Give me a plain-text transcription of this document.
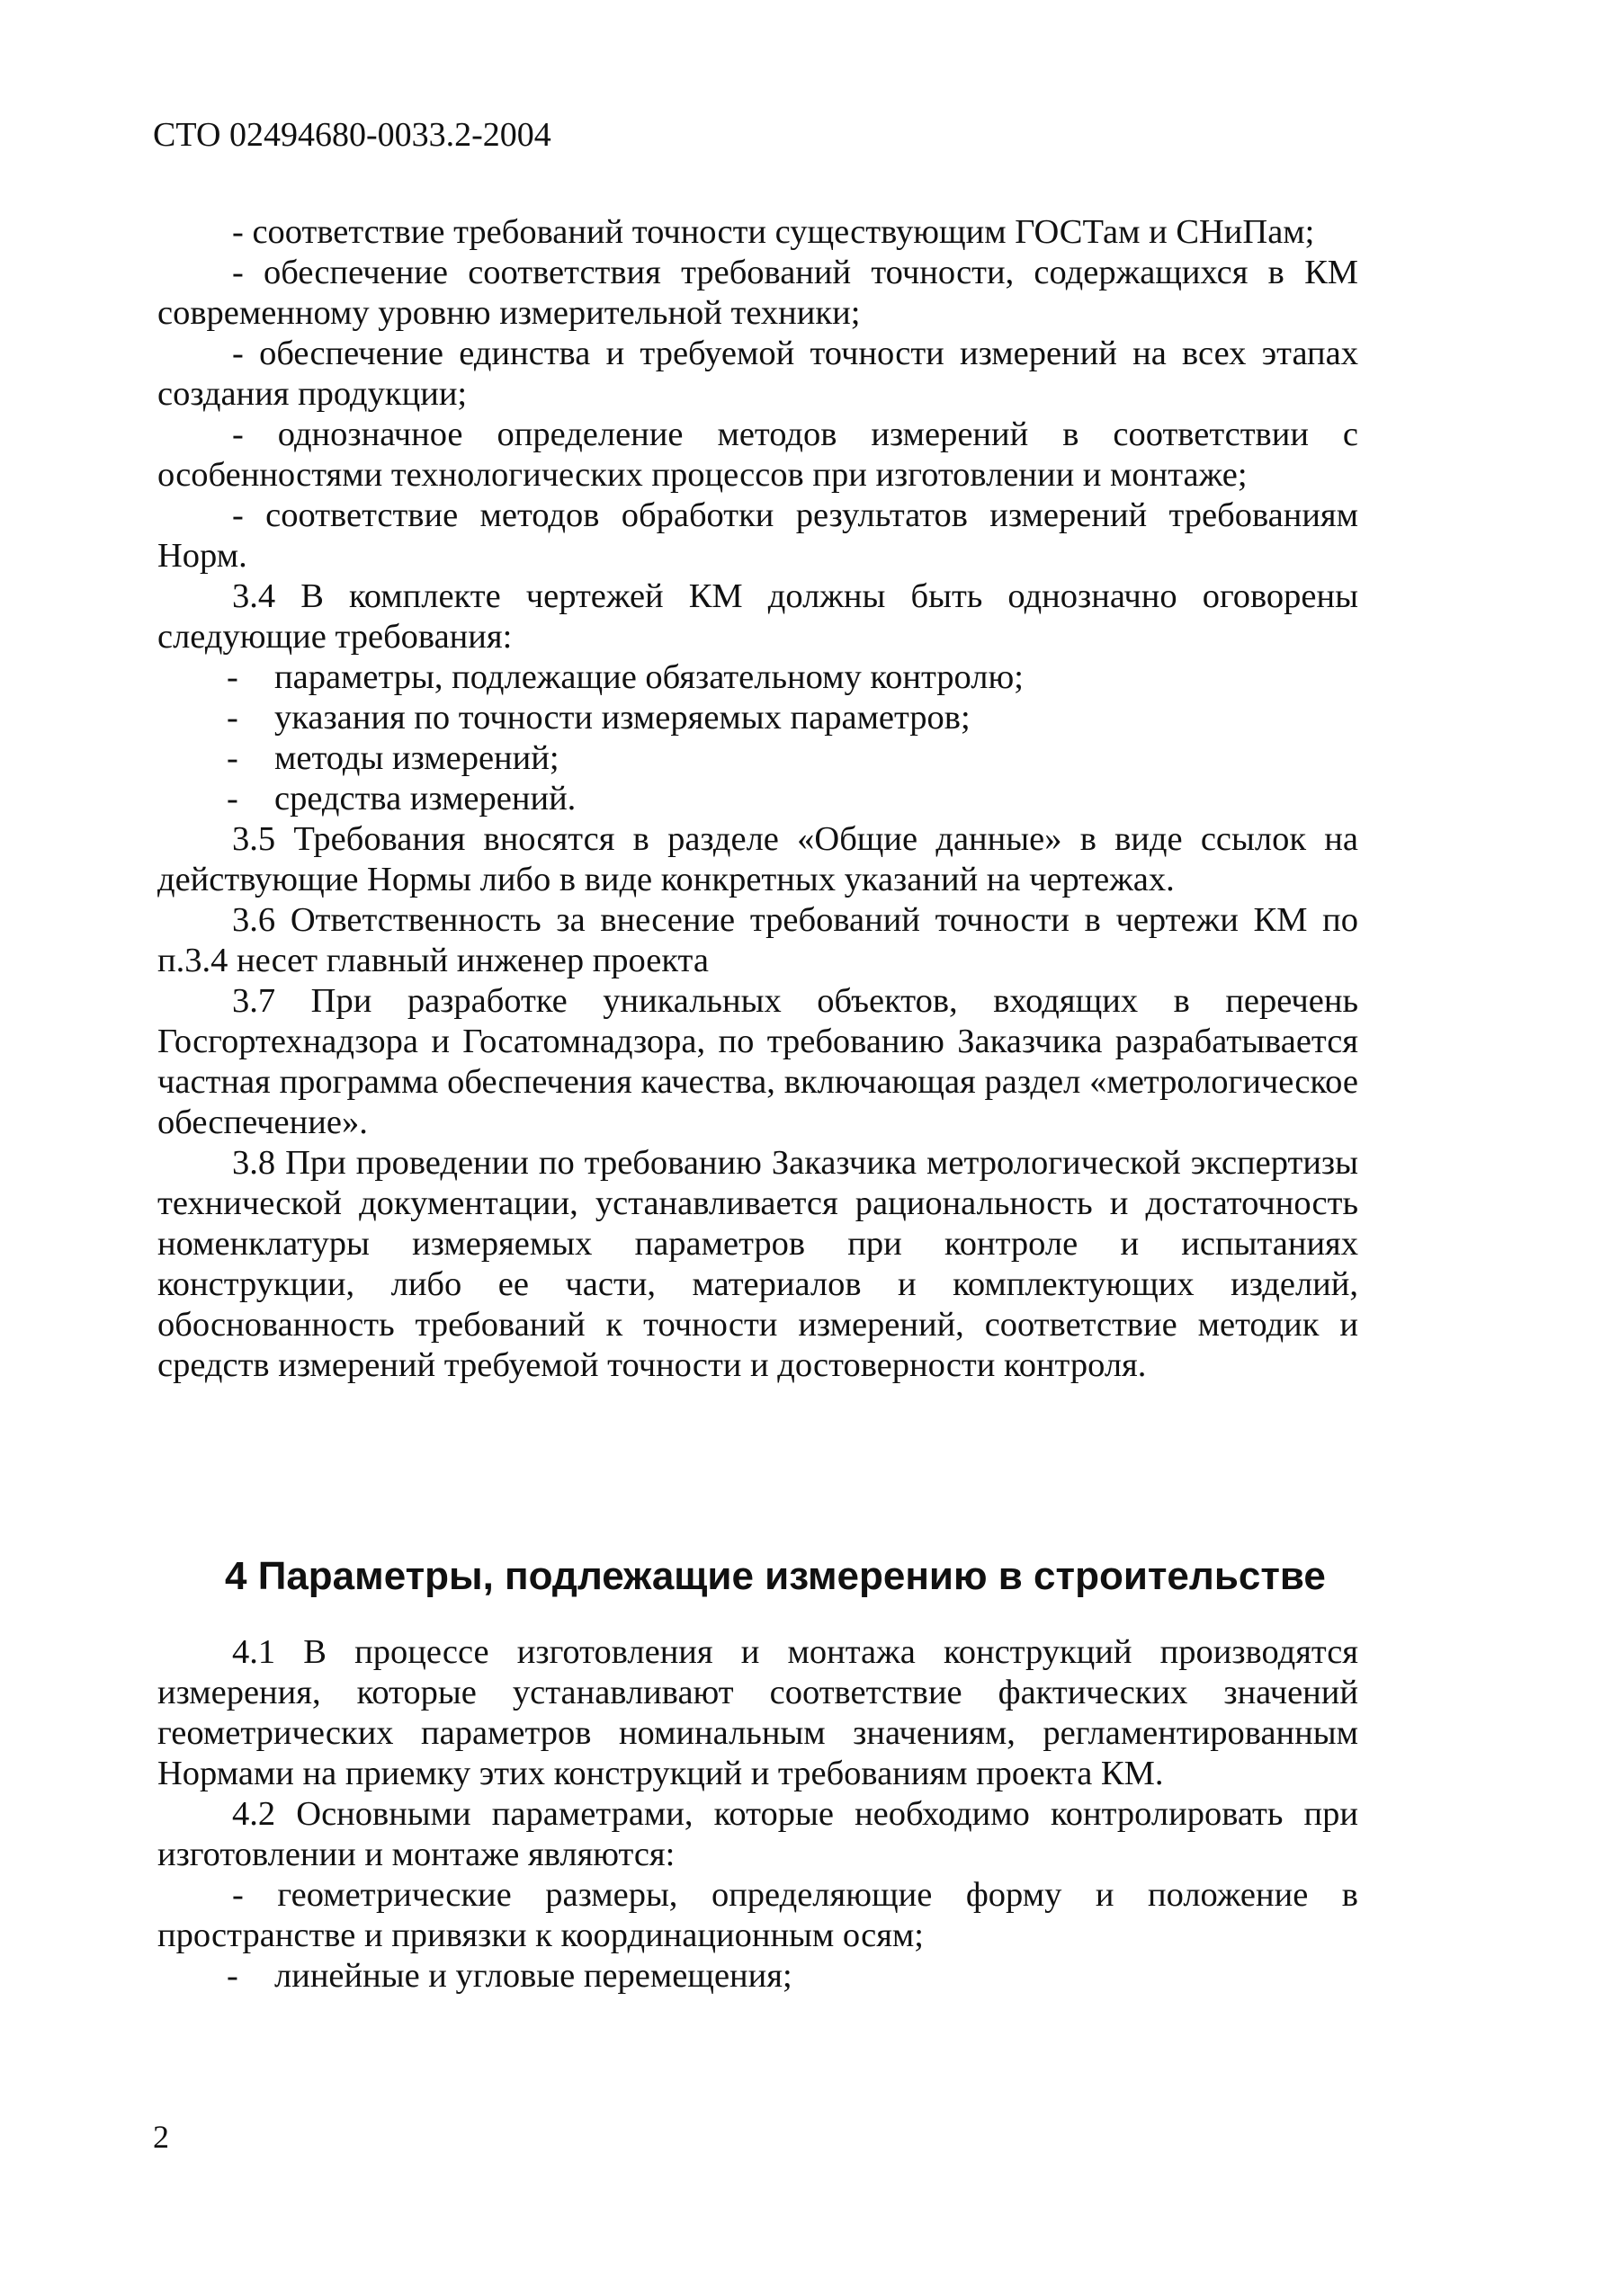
СТО 02494680-0033.2-2004

- соответствие требований точности существующим ГОСТам и СНиПам;

- обеспечение соответствия требований точности, содержащихся в КМ современному уровню измерительной техники;

- обеспечение единства и требуемой точности измерений на всех этапах создания продукции;

- однозначное определение методов измерений в соответствии с особенностями технологических процессов при изготовлении и монтаже;

- соответствие методов обработки результатов измерений требованиям Норм.

3.4 В комплекте чертежей КМ должны быть однозначно оговорены следующие требования:

-	параметры, подлежащие обязательному контролю;
-	указания по точности измеряемых параметров;
-	методы измерений;
-	средства измерений.

3.5 Требования вносятся в разделе «Общие данные» в виде ссылок на действующие Нормы либо в виде конкретных указаний на чертежах.

3.6 Ответственность за внесение требований точности в чертежи КМ по п.3.4 несет главный инженер проекта

3.7 При разработке уникальных объектов, входящих в перечень Госгортехнадзора и Госатомнадзора, по требованию Заказчика разрабатывается частная программа обеспечения качества, включающая раздел «метрологическое обеспечение».

3.8 При проведении по требованию Заказчика метрологической экспертизы технической документации, устанавливается рациональность и достаточность номенклатуры измеряемых параметров при контроле и испытаниях конструкции, либо ее части, материалов и комплектующих изделий, обоснованность требований к точности измерений, соответствие методик и средств измерений требуемой точности и достоверности контроля.

4 Параметры, подлежащие измерению в строительстве

4.1 В процессе изготовления и монтажа конструкций производятся измерения, которые устанавливают соответствие фактических значений геометрических параметров номинальным значениям, регламентированным Нормами на приемку этих конструкций и требованиям проекта КМ.

4.2 Основными параметрами, которые необходимо контролировать при изготовлении и монтаже являются:

- геометрические размеры, определяющие форму и положение в пространстве и привязки к координационным осям;

-	линейные и угловые перемещения;
2
